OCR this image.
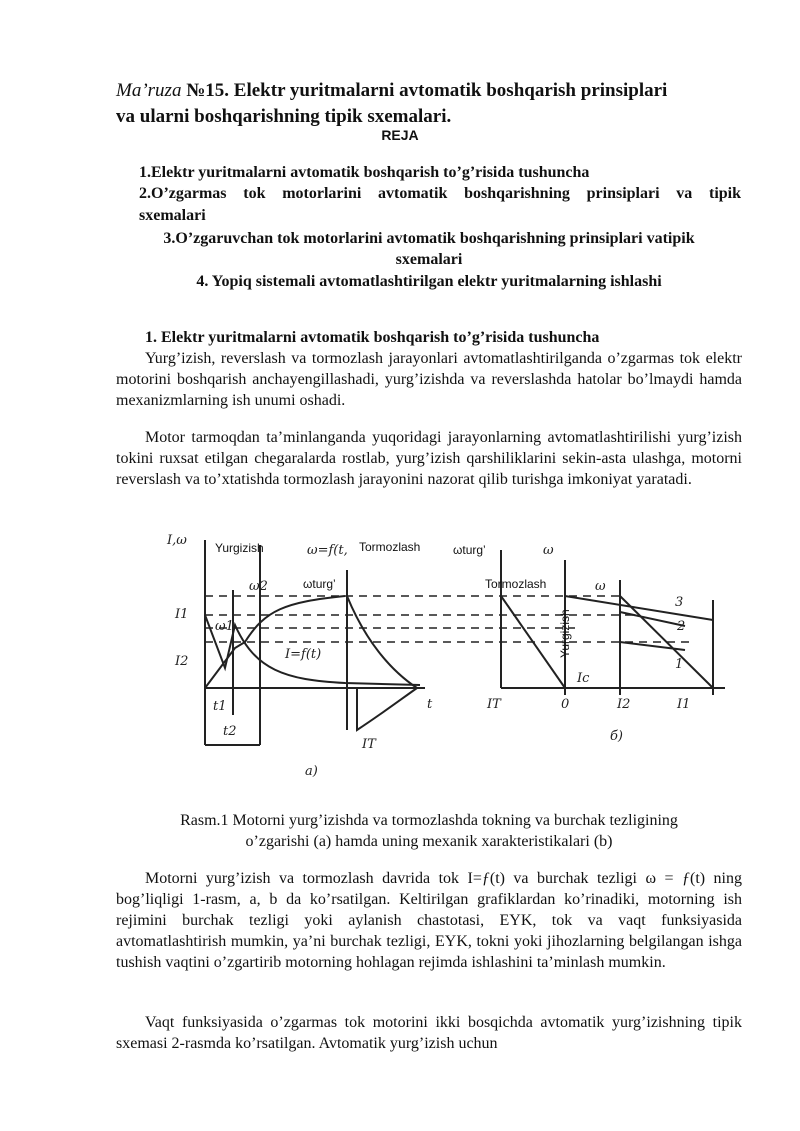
Ma’ruza №15. Elektr yuritmalarni avtomatik boshqarish prinsiplari
va ularni boshqarishning tipik sxemalari.
REJA
1.Elektr yuritmalarni avtomatik boshqarish to’g’risida tushuncha
2.O’zgarmas tok motorlarini avtomatik boshqarishning prinsiplari va tipik
sxemalari
3.O’zgaruvchan tok motorlarini avtomatik boshqarishning prinsiplari vatipik
sxemalari
4. Yopiq sistemali avtomatlashtirilgan elektr yuritmalarning ishlashi
1. Elektr yuritmalarni avtomatik boshqarish to’g’risida tushuncha

Yurg’izish, reverslash va tormozlash jarayonlari avtomatlashtirilganda o’zgarmas tok elektr motorini boshqarish anchayengillashadi, yurg’izishda va reverslashda hatolar bo’lmaydi hamda mexanizmlarning ish unumi oshadi.

Motor tarmoqdan ta’minlanganda yuqoridagi jarayonlarning avtomatlashtirilishi yurg’izish tokini ruxsat etilgan chegaralarda rostlab, yurg’izish qarshiliklarini sekin-asta ulashga, motorni reverslash va to’xtatishda tormozlash jarayonini nazorat qilib turishga imkoniyat yaratadi.

I,ω
ω=f(t,
ω2
ω1
I1
I2	I=f(t)
t
t1
t2
IT
a)
Yurgizish	Tormozlash	ωturg’
ωturg’	Tormozlash
Yurgizish
ω
ω
IT	0
Ic
I2	I1
1
2
3
б)
Rasm.1 Motorni yurg’izishda va tormozlashda tokning va burchak tezligining
o’zgarishi (a) hamda uning mexanik xarakteristikalari (b)

Motorni yurg’izish va tormozlash davrida tok I=ƒ(t) va burchak tezligi ω = ƒ(t) ning bog’liqligi 1-rasm, a, b da ko’rsatilgan. Keltirilgan grafiklardan ko’rinadiki, motorning ish rejimini burchak tezligi yoki aylanish chastotasi, EYK, tok va vaqt funksiyasida avtomatlashtirish mumkin, ya’ni burchak tezligi, EYK, tokni yoki jihozlarning belgilangan ishga tushish vaqtini o’zgartirib motorning hohlagan rejimda ishlashini ta’minlash mumkin.

Vaqt funksiyasida o’zgarmas tok motorini ikki bosqichda avtomatik yurg’izishning tipik sxemasi 2-rasmda ko’rsatilgan. Avtomatik yurg’izish uchun
